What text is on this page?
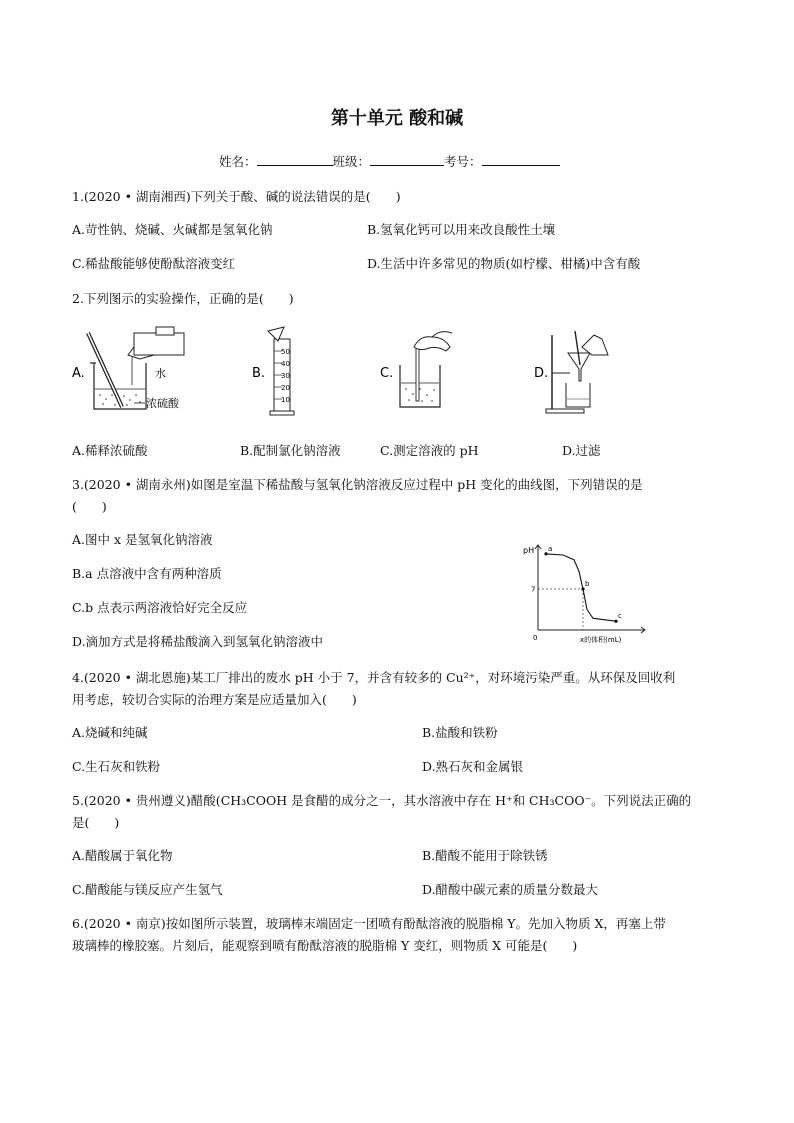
第十单元 酸和碱
姓名：	班级：	考号：
1.(2020 • 湖南湘西)下列关于酸、碱的说法错误的是(　　)
A.苛性钠、烧碱、火碱都是氢氧化钠	B.氢氧化钙可以用来改良酸性土壤
C.稀盐酸能够使酚酞溶液变红	D.生活中许多常见的物质(如柠檬、柑橘)中含有酸
2.下列图示的实验操作，正确的是(　　)
A.	水
浓硫酸
B.
50
40
30
20
10
C.	D.
A.稀释浓硫酸	B.配制氯化钠溶液	C.测定溶液的 pH	D.过滤
3.(2020 • 湖南永州)如图是室温下稀盐酸与氢氧化钠溶液反应过程中 pH 变化的曲线图，下列错误的是
(　　)
A.图中 x 是氢氧化钠溶液
B.a 点溶液中含有两种溶质
C.b 点表示两溶液恰好完全反应
D.滴加方式是将稀盐酸滴入到氢氧化钠溶液中
pH
0	x的体积(mL)
7
a
b
c
4.(2020 • 湖北恩施)某工厂排出的废水 pH 小于 7，并含有较多的 Cu²⁺，对环境污染严重。从环保及回收利
用考虑，较切合实际的治理方案是应适量加入(　　)
A.烧碱和纯碱	B.盐酸和铁粉
C.生石灰和铁粉	D.熟石灰和金属银
5.(2020 • 贵州遵义)醋酸(CH₃COOH 是食醋的成分之一，其水溶液中存在 H⁺和 CH₃COO⁻。下列说法正确的
是(　　)
A.醋酸属于氧化物	B.醋酸不能用于除铁锈
C.醋酸能与镁反应产生氢气	D.醋酸中碳元素的质量分数最大
6.(2020 • 南京)按如图所示装置，玻璃棒末端固定一团喷有酚酞溶液的脱脂棉 Y。先加入物质 X，再塞上带
玻璃棒的橡胶塞。片刻后，能观察到喷有酚酞溶液的脱脂棉 Y 变红，则物质 X 可能是(　　)
